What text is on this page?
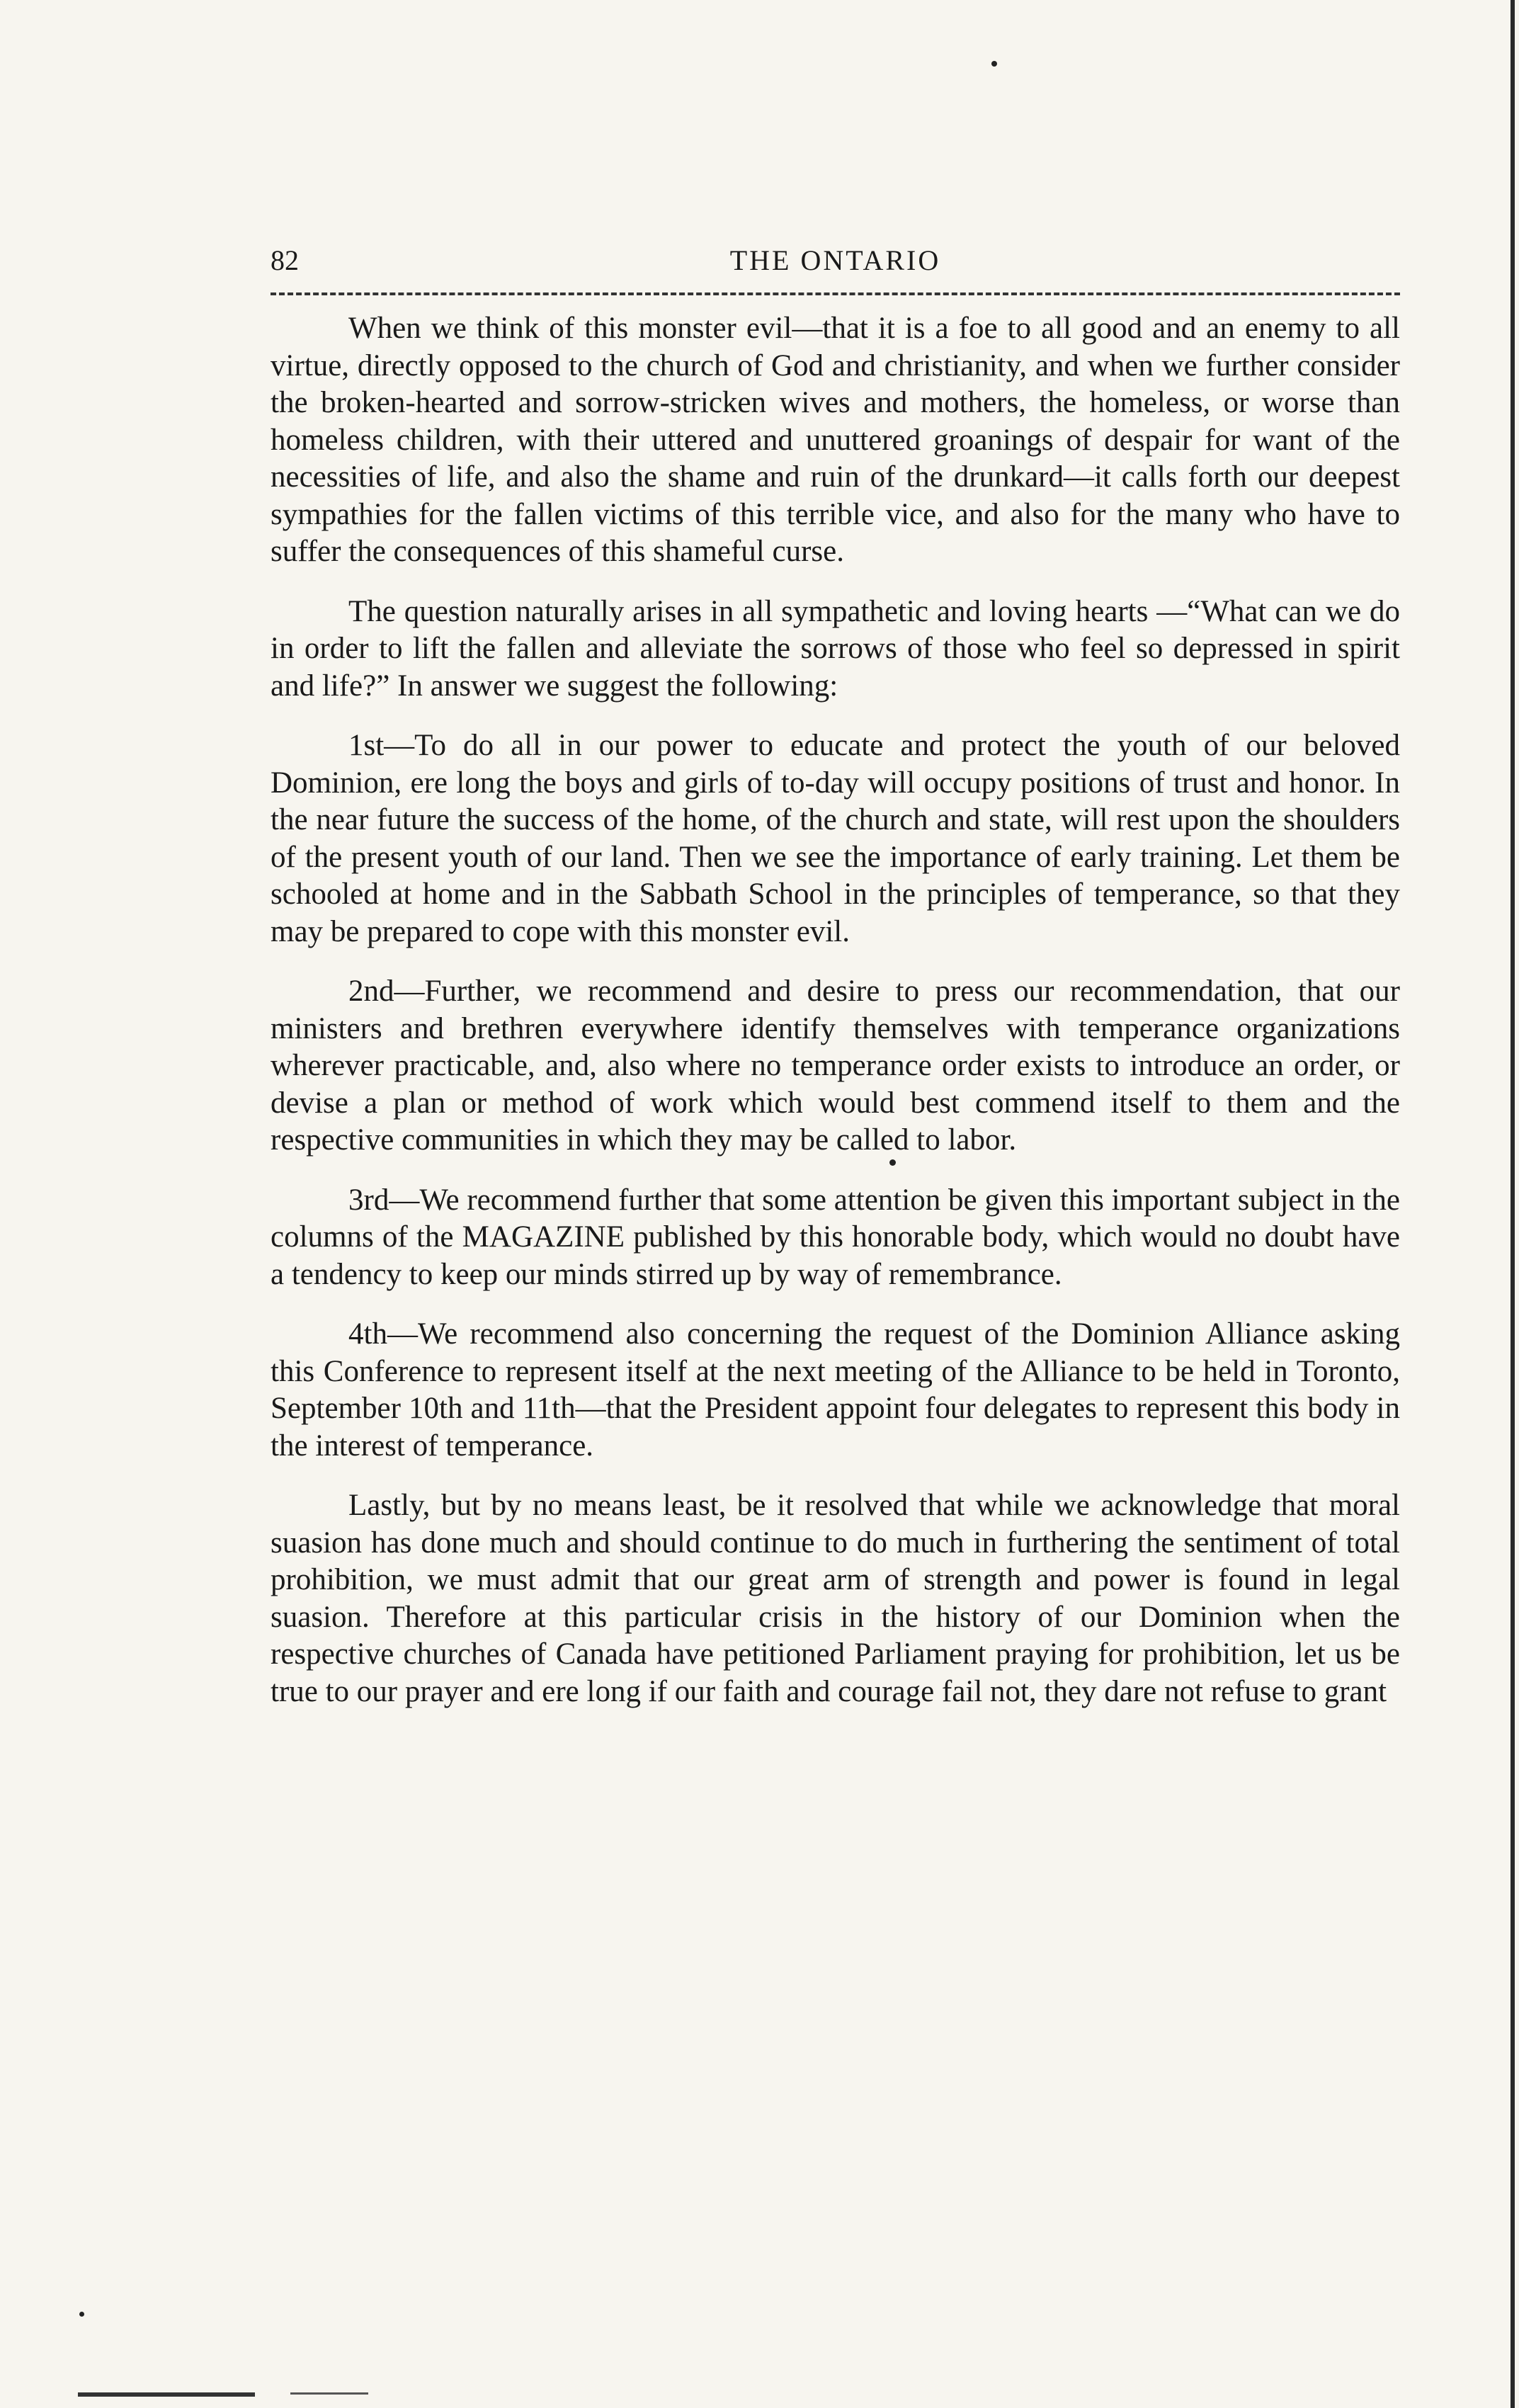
82	THE ONTARIO

When we think of this monster evil—that it is a foe to all good and an enemy to all virtue, directly opposed to the church of God and christianity, and when we further consider the broken-hearted and sorrow-stricken wives and mothers, the homeless, or worse than homeless children, with their uttered and unuttered groanings of despair for want of the necessities of life, and also the shame and ruin of the drunkard—it calls forth our deepest sympathies for the fallen victims of this terrible vice, and also for the many who have to suffer the consequences of this shameful curse.

The question naturally arises in all sympathetic and loving hearts —“What can we do in order to lift the fallen and alleviate the sorrows of those who feel so depressed in spirit and life?” In answer we suggest the following:

1st—To do all in our power to educate and protect the youth of our beloved Dominion, ere long the boys and girls of to-day will occupy positions of trust and honor. In the near future the success of the home, of the church and state, will rest upon the shoulders of the present youth of our land. Then we see the importance of early training. Let them be schooled at home and in the Sabbath School in the principles of temperance, so that they may be prepared to cope with this monster evil.

2nd—Further, we recommend and desire to press our recommendation, that our ministers and brethren everywhere identify themselves with temperance organizations wherever practicable, and, also where no temperance order exists to introduce an order, or devise a plan or method of work which would best commend itself to them and the respective communities in which they may be called to labor.

3rd—We recommend further that some attention be given this important subject in the columns of the MAGAZINE published by this honorable body, which would no doubt have a tendency to keep our minds stirred up by way of remembrance.

4th—We recommend also concerning the request of the Dominion Alliance asking this Conference to represent itself at the next meeting of the Alliance to be held in Toronto, September 10th and 11th—that the President appoint four delegates to represent this body in the interest of temperance.

Lastly, but by no means least, be it resolved that while we acknowledge that moral suasion has done much and should continue to do much in furthering the sentiment of total prohibition, we must admit that our great arm of strength and power is found in legal suasion. Therefore at this particular crisis in the history of our Dominion when the respective churches of Canada have petitioned Parliament praying for prohibition, let us be true to our prayer and ere long if our faith and courage fail not, they dare not refuse to grant
